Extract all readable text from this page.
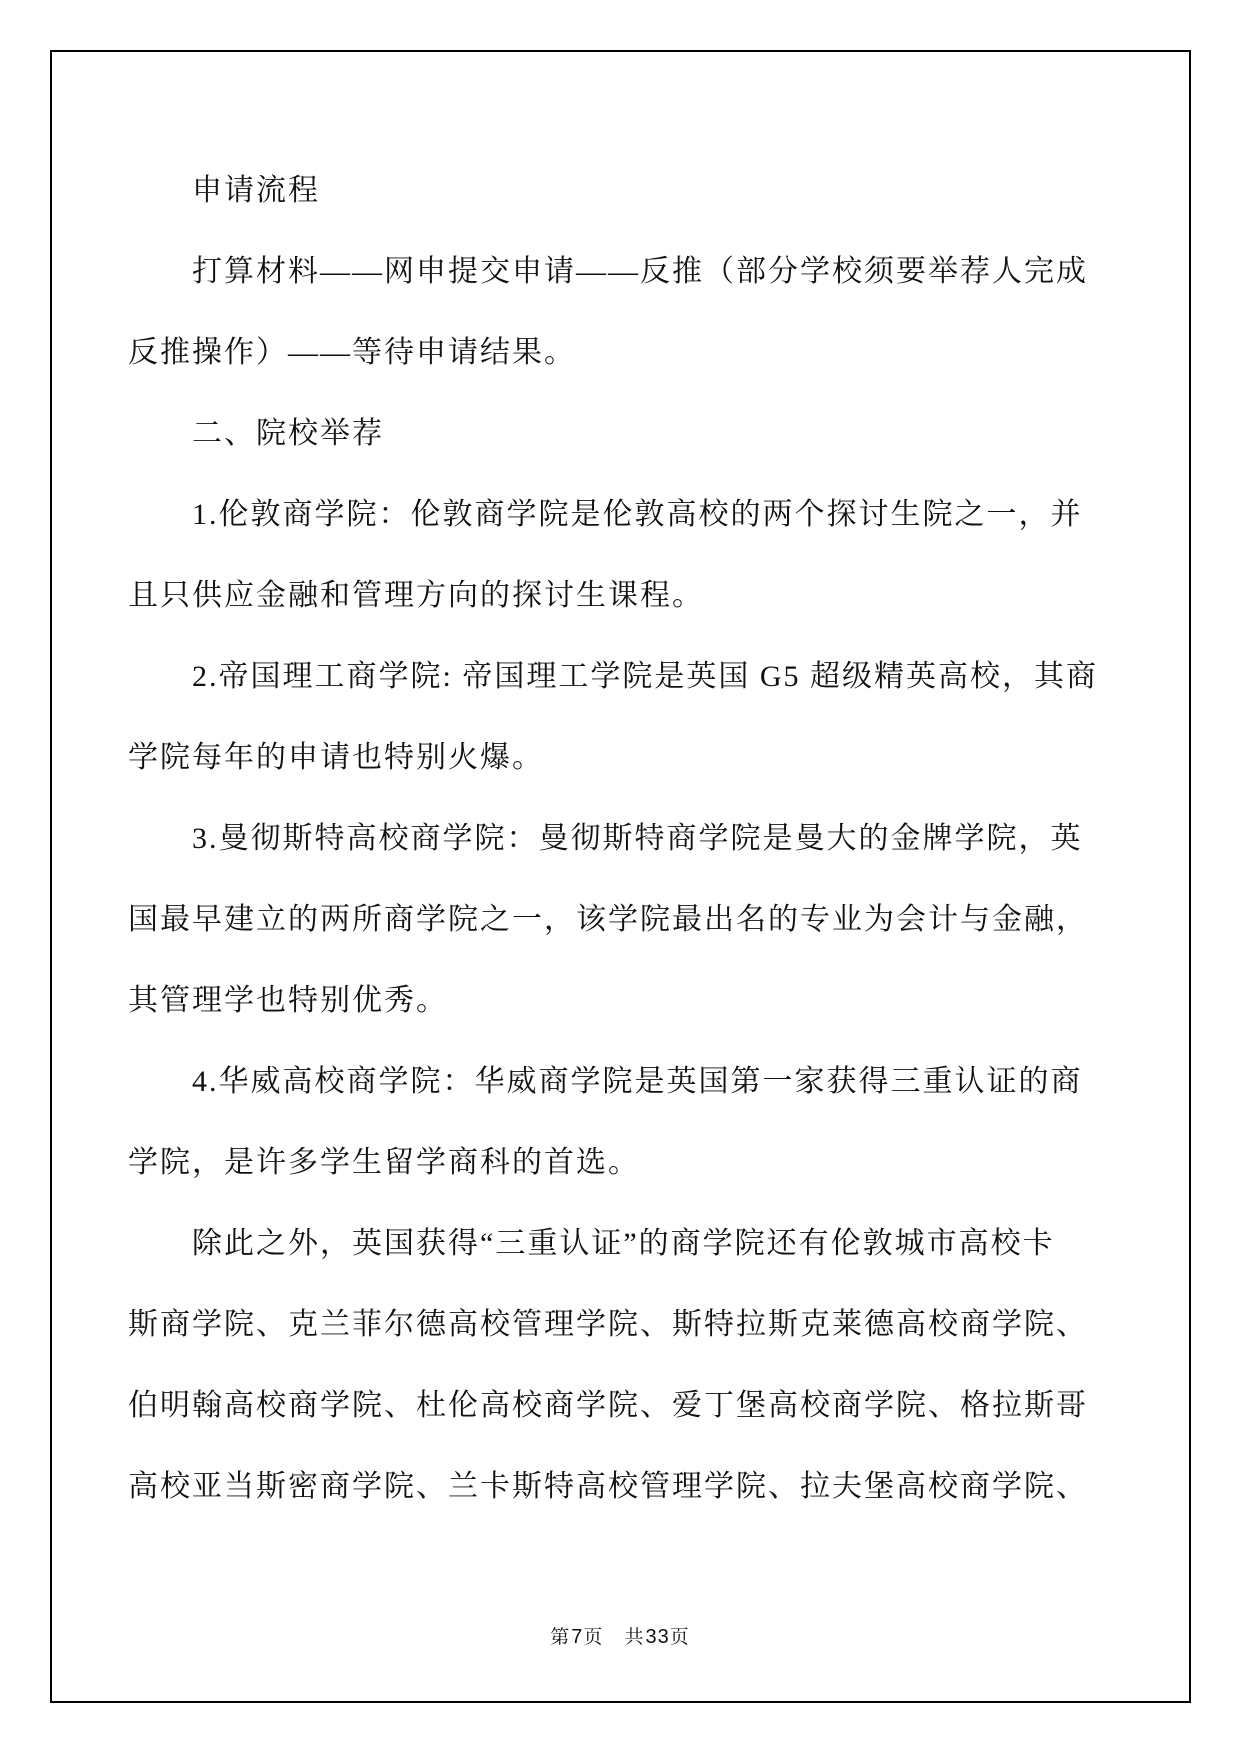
申请流程
打算材料——网申提交申请——反推（部分学校须要举荐人完成
反推操作）——等待申请结果。
二、院校举荐
1.伦敦商学院：伦敦商学院是伦敦高校的两个探讨生院之一，并
且只供应金融和管理方向的探讨生课程。
2.帝国理工商学院: 帝国理工学院是英国 G5 超级精英高校，其商
学院每年的申请也特别火爆。
3.曼彻斯特高校商学院：曼彻斯特商学院是曼大的金牌学院，英
国最早建立的两所商学院之一，该学院最出名的专业为会计与金融，
其管理学也特别优秀。
4.华威高校商学院：华威商学院是英国第一家获得三重认证的商
学院，是许多学生留学商科的首选。
除此之外，英国获得“三重认证”的商学院还有伦敦城市高校卡
斯商学院、克兰菲尔德高校管理学院、斯特拉斯克莱德高校商学院、
伯明翰高校商学院、杜伦高校商学院、爱丁堡高校商学院、格拉斯哥
高校亚当斯密商学院、兰卡斯特高校管理学院、拉夫堡高校商学院、
第7页 共33页
